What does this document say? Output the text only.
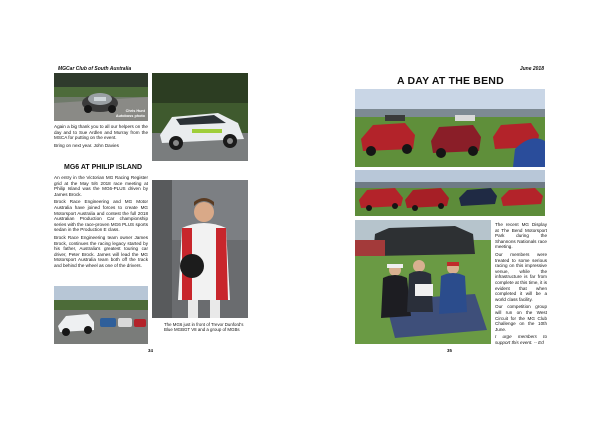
MGCar Club of South Australia
Chris Hunt
Autoboss photo

Again a big thank you to all our helpers on the day and to Sue Ardlen and Murray from the MSCA for putting on the event.

Bring on next year. John Davies

MG6 AT PHILIP ISLAND

An entry in the Victorian MG Racing Register grid at the May 5/6 2018 race meeting at Philip Island was the MG6-PLUS driven by James Brock.

Brock Race Engineering and MG Motor Australia have joined forces to create MG Motorsport Australia and contest the full 2018 Australian Production Car championship series with the race-proven MG6 PLUS sports sedan in the Production E class.

Brock Race Engineering team owner James Brock, continues the racing legacy started by his father, Australia's greatest touring car driver, Peter Brock. James will lead the MG Motorsport Australia team both off the track and behind the wheel as one of the drivers.

The MG6 just in front of Trevor Dunford's Blue MGBGT V8 and a group of MGBs
34
June 2018
A DAY AT THE BEND

The recent MG Display at The Bend Motorsport Park during the Shannons Nationals race meeting.

Our members were treated to some serious racing on this impressive venue, while the infrastructure is far from complete at this time, it is evident that when completed it will be a world class facility.

Our competition group will run on the West Circuit for the MG Club Challenge on the 10th June.

I urge members to support this event. -- Ed

35
